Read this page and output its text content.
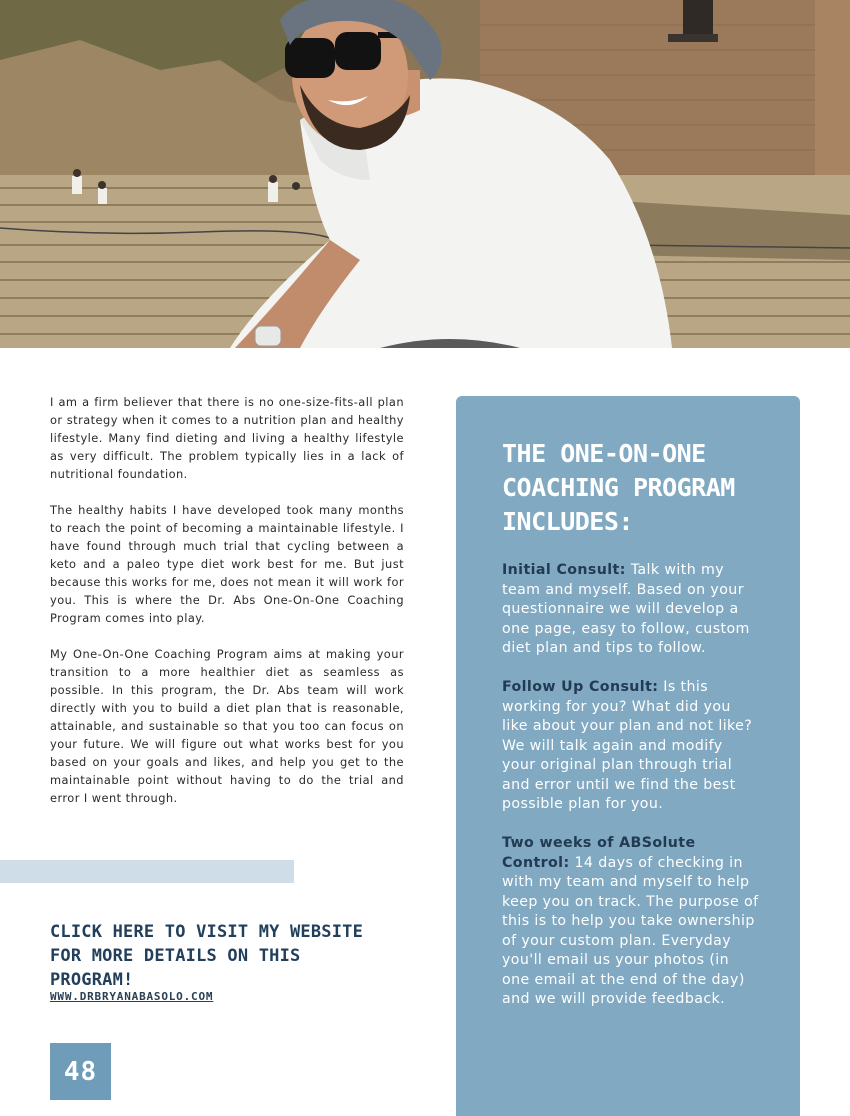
I am a firm believer that there is no one-size-fits-all plan or strategy when it comes to a nutrition plan and healthy lifestyle. Many find dieting and living a healthy lifestyle as very difficult. The problem typically lies in a lack of nutritional foundation.

The healthy habits I have developed took many months to reach the point of becoming a maintainable lifestyle. I have found through much trial that cycling between a keto and a paleo type diet work best for me. But just because this works for me, does not mean it will work for you. This is where the Dr. Abs One-On-One Coaching Program comes into play.

My One-On-One Coaching Program aims at making your transition to a more healthier diet as seamless as possible. In this program, the Dr. Abs team will work directly with you to build a diet plan that is reasonable, attainable, and sustainable so that you too can focus on your future. We will figure out what works best for you based on your goals and likes, and help you get to the maintainable point without having to do the trial and error I went through.

CLICK HERE TO VISIT MY WEBSITE FOR MORE DETAILS ON THIS PROGRAM!
WWW.DRBRYANABASOLO.COM
48
THE ONE-ON-ONE COACHING PROGRAM INCLUDES:
Initial Consult: Talk with my team and myself. Based on your questionnaire we will develop a one page, easy to follow, custom diet plan and tips to follow.
Follow Up Consult: Is this working for you? What did you like about your plan and not like? We will talk again and modify your original plan through trial and error until we find the best possible plan for you.
Two weeks of ABSolute Control: 14 days of checking in with my team and myself to help keep you on track. The purpose of this is to help you take ownership of your custom plan. Everyday you'll email us your photos (in one email at the end of the day) and we will provide feedback.
